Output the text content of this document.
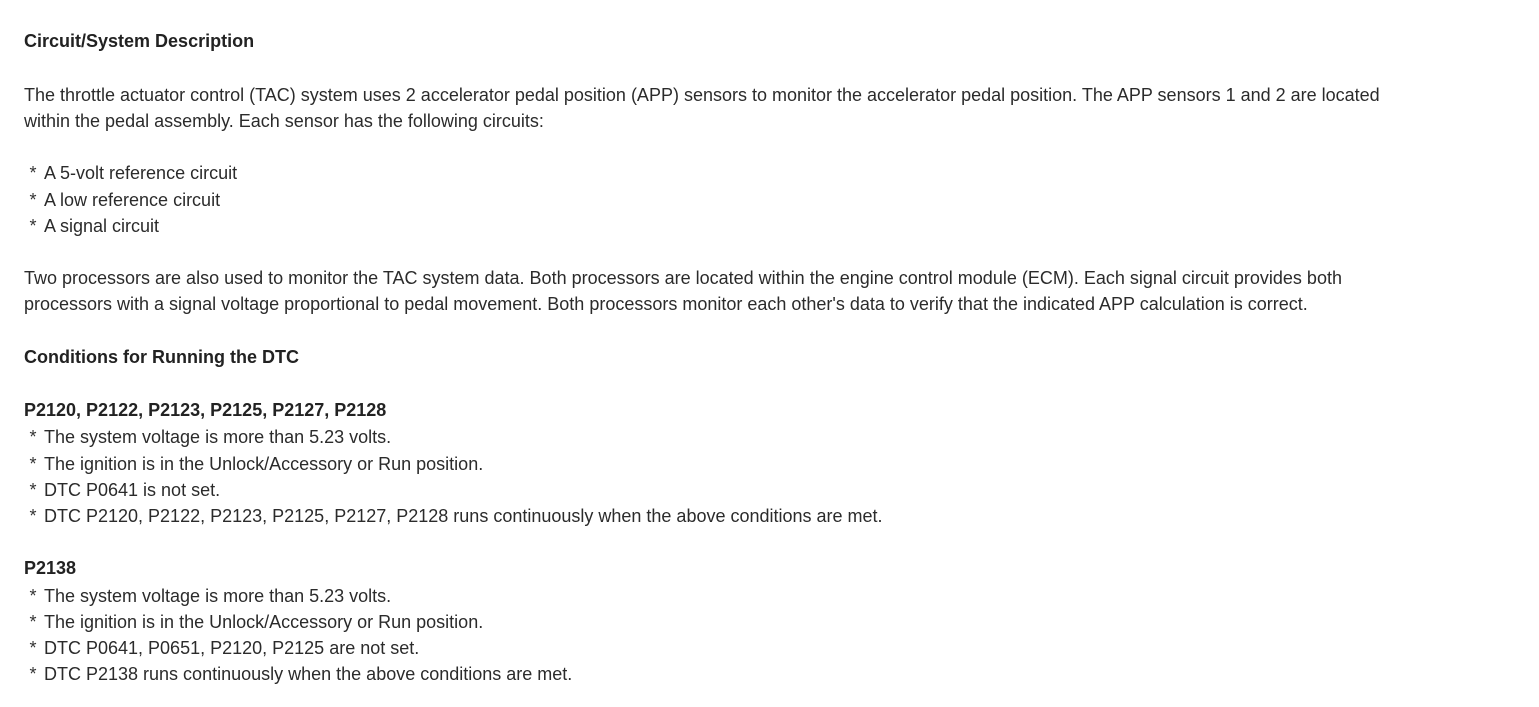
Circuit/System Description
The throttle actuator control (TAC) system uses 2 accelerator pedal position (APP) sensors to monitor the accelerator pedal position. The APP sensors 1 and 2 are located
within the pedal assembly. Each sensor has the following circuits:
* A 5-volt reference circuit
* A low reference circuit
* A signal circuit
Two processors are also used to monitor the TAC system data. Both processors are located within the engine control module (ECM). Each signal circuit provides both
processors with a signal voltage proportional to pedal movement. Both processors monitor each other's data to verify that the indicated APP calculation is correct.
Conditions for Running the DTC
P2120, P2122, P2123, P2125, P2127, P2128
* The system voltage is more than 5.23 volts.
* The ignition is in the Unlock/Accessory or Run position.
* DTC P0641 is not set.
* DTC P2120, P2122, P2123, P2125, P2127, P2128 runs continuously when the above conditions are met.
P2138
* The system voltage is more than 5.23 volts.
* The ignition is in the Unlock/Accessory or Run position.
* DTC P0641, P0651, P2120, P2125 are not set.
* DTC P2138 runs continuously when the above conditions are met.
